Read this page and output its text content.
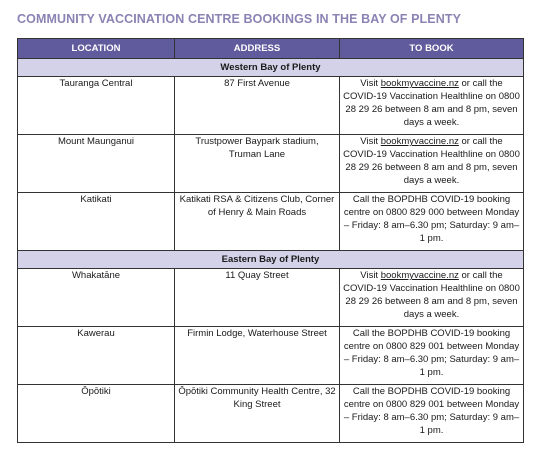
COMMUNITY VACCINATION CENTRE BOOKINGS IN THE BAY OF PLENTY
LOCATION	ADDRESS	TO BOOK
Western Bay of Plenty		
Tauranga Central	87 First Avenue	Visit bookmyvaccine.nz or call the COVID-19 Vaccination Healthline on 0800 28 29 26 between 8 am and 8 pm, seven days a week.
Mount Maunganui	Trustpower Baypark stadium, Truman Lane	Visit bookmyvaccine.nz or call the COVID-19 Vaccination Healthline on 0800 28 29 26 between 8 am and 8 pm, seven days a week.
Katikati	Katikati RSA & Citizens Club, Corner of Henry & Main Roads	Call the BOPDHB COVID-19 booking centre on 0800 829 000 between Monday – Friday: 8 am–6.30 pm; Saturday: 9 am–1 pm.
Eastern Bay of Plenty		
Whakatāne	11 Quay Street	Visit bookmyvaccine.nz or call the COVID-19 Vaccination Healthline on 0800 28 29 26 between 8 am and 8 pm, seven days a week.
Kawerau	Firmin Lodge, Waterhouse Street	Call the BOPDHB COVID-19 booking centre on 0800 829 001 between Monday – Friday: 8 am–6.30 pm; Saturday: 9 am–1 pm.
Ōpōtiki	Ōpōtiki Community Health Centre, 32 King Street	Call the BOPDHB COVID-19 booking centre on 0800 829 001 between Monday – Friday: 8 am–6.30 pm; Saturday: 9 am–1 pm.
